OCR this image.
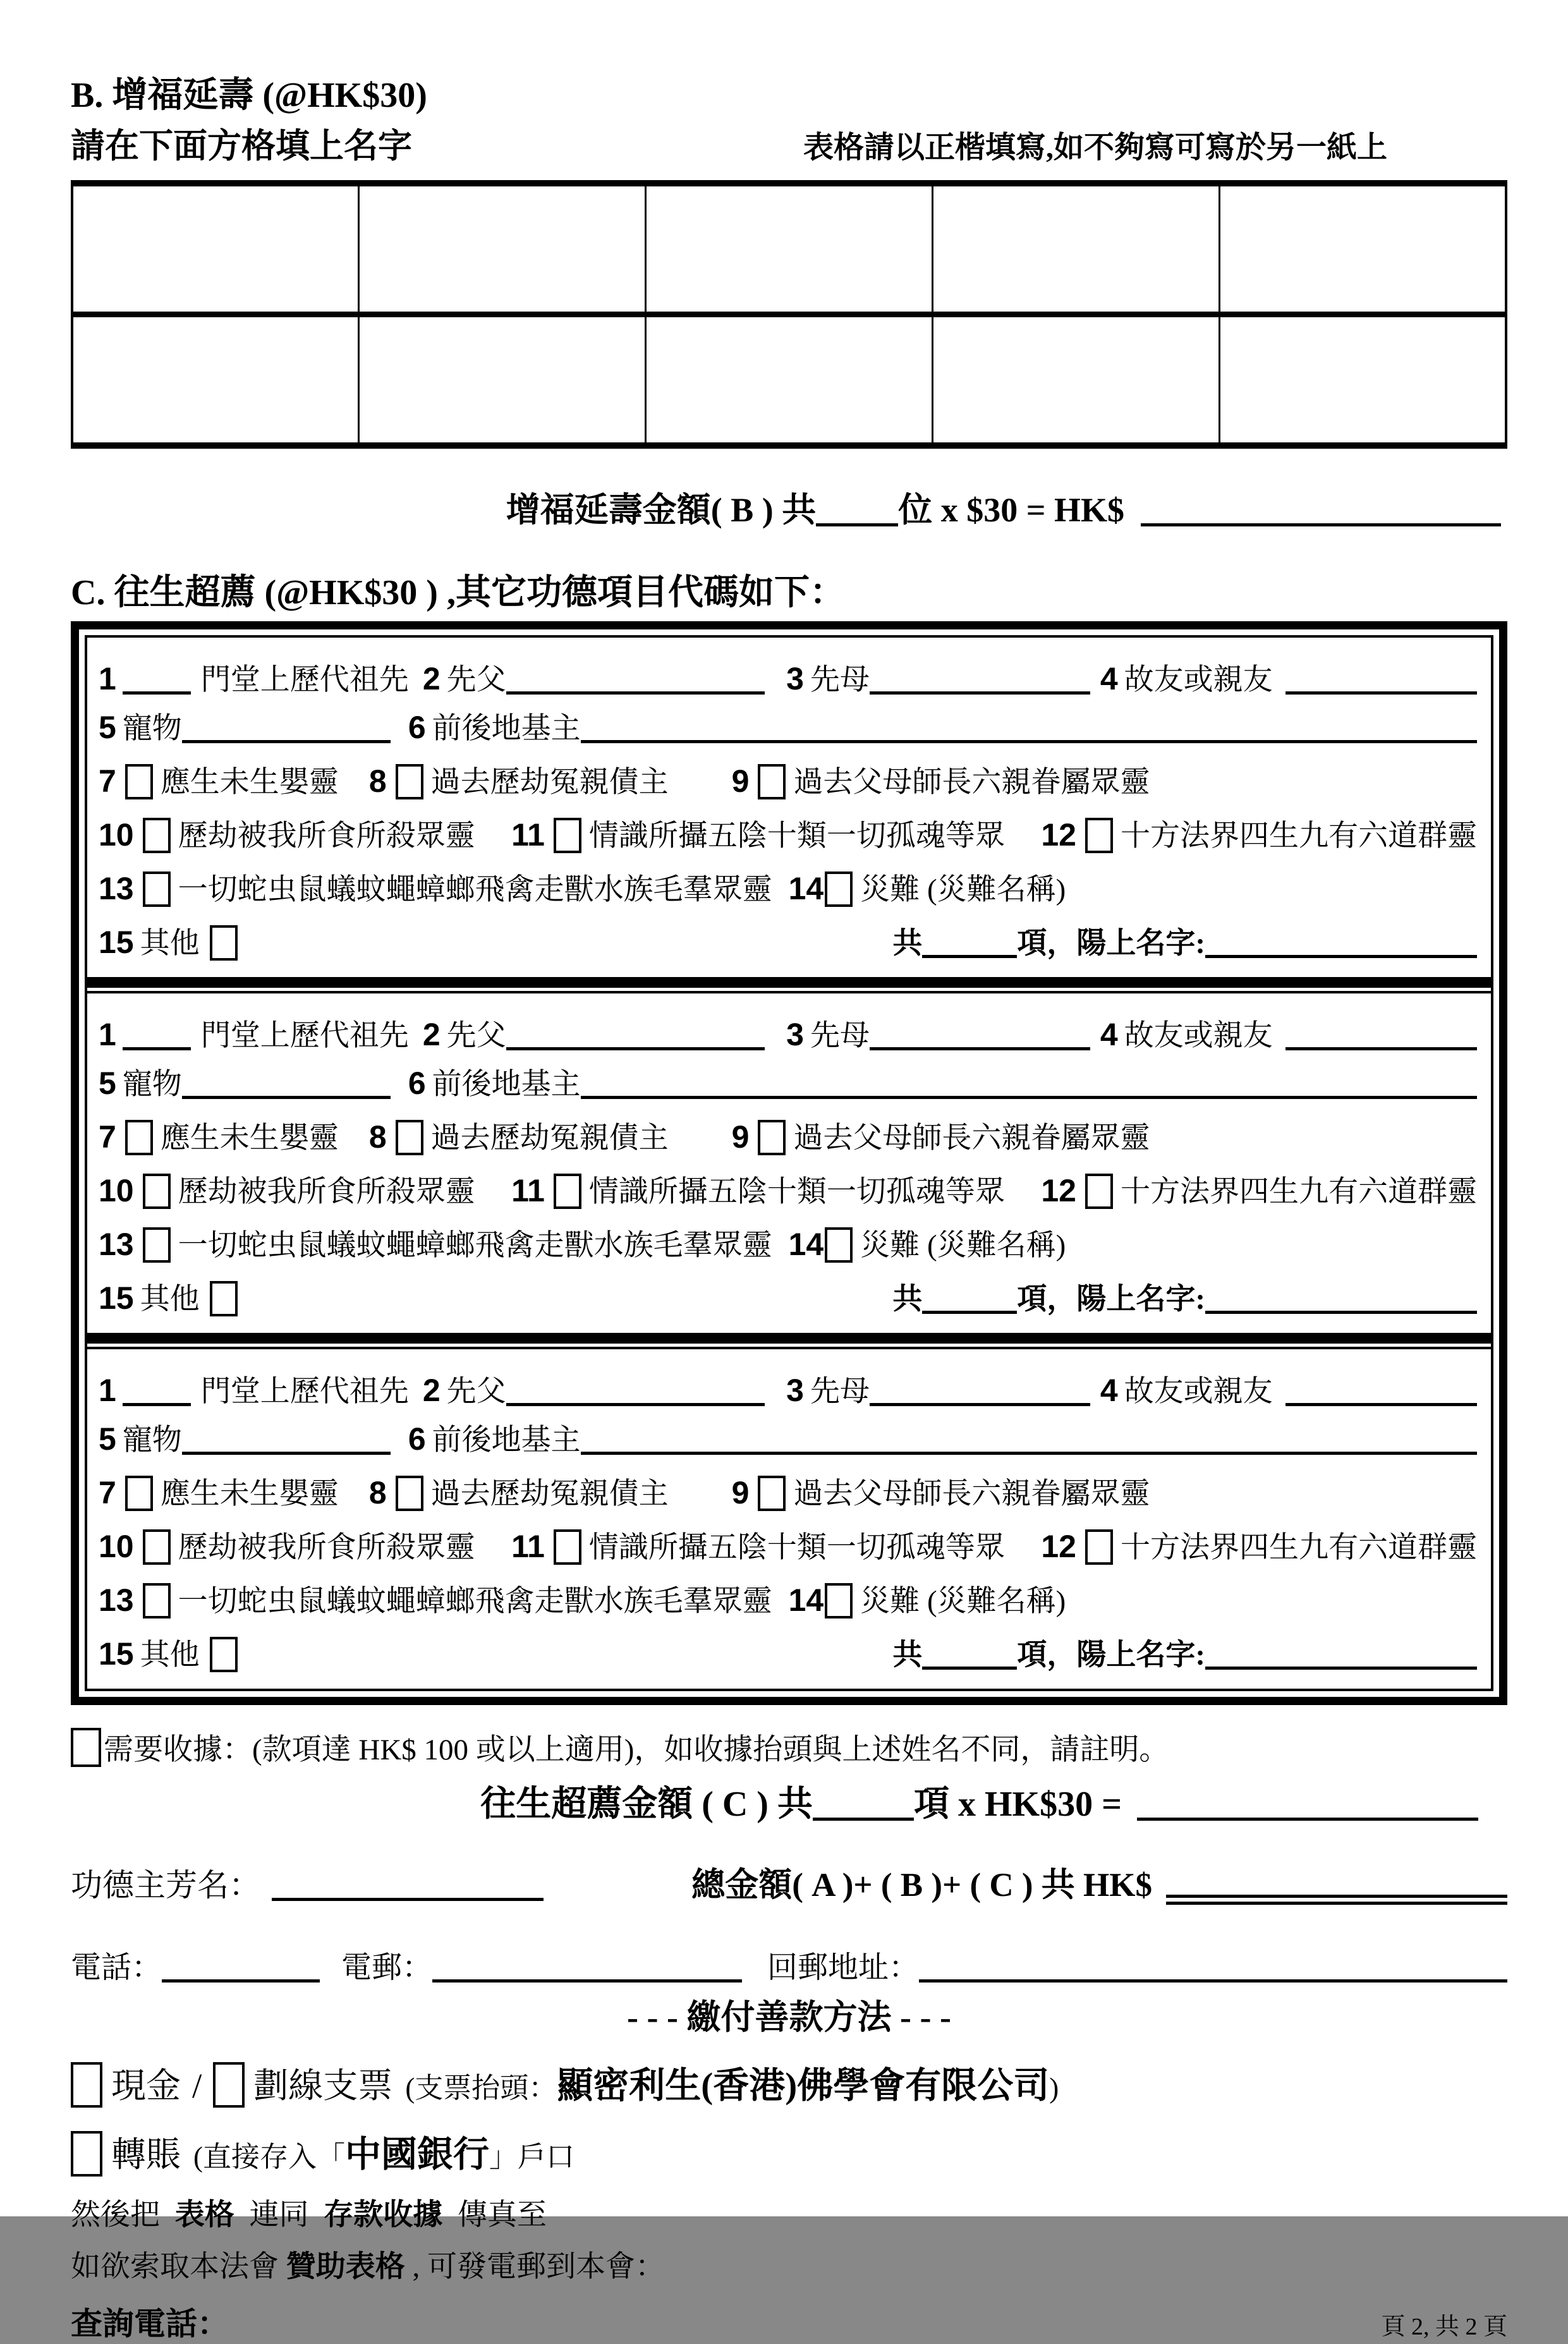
B. 增福延壽 (@HK$30)
請在下面方格填上名字	表格請以正楷填寫,如不夠寫可寫於另一紙上

增福延壽金額( B ) 共 位 x $30 = HK$
C. 往生超薦 (@HK$30 ) ,其它功德項目代碼如下：
1	門堂上歷代祖先 2 先父	3 先母	4 故友或親友
5 寵物	6 前後地基主
7 應生未生嬰靈 8 過去歷劫冤親債主 9 過去父母師長六親眷屬眾靈
10 歷劫被我所食所殺眾靈 11 情識所攝五陰十類一切孤魂等眾 12 十方法界四生九有六道群靈
13 一切蛇虫鼠蟻蚊蠅蟑螂飛禽走獸水族毛羣眾靈 14 災難 (災難名稱)
15 其他	共	項，陽上名字:
1	門堂上歷代祖先 2 先父	3 先母	4 故友或親友
5 寵物	6 前後地基主
7 應生未生嬰靈 8 過去歷劫冤親債主 9 過去父母師長六親眷屬眾靈
10 歷劫被我所食所殺眾靈 11 情識所攝五陰十類一切孤魂等眾 12 十方法界四生九有六道群靈
13 一切蛇虫鼠蟻蚊蠅蟑螂飛禽走獸水族毛羣眾靈 14 災難 (災難名稱)
15 其他	共	項，陽上名字:
1	門堂上歷代祖先 2 先父	3 先母	4 故友或親友
5 寵物	6 前後地基主
7 應生未生嬰靈 8 過去歷劫冤親債主 9 過去父母師長六親眷屬眾靈
10 歷劫被我所食所殺眾靈 11 情識所攝五陰十類一切孤魂等眾 12 十方法界四生九有六道群靈
13 一切蛇虫鼠蟻蚊蠅蟑螂飛禽走獸水族毛羣眾靈 14 災難 (災難名稱)
15 其他	共	項，陽上名字:
需要收據： (款項達 HK$ 100 或以上適用)，如收據抬頭與上述姓名不同，請註明。
往生超薦金額 ( C ) 共	項 x HK$30 =
功德主芳名：	總金額( A )+ ( B )+ ( C ) 共 HK$
電話：	電郵：	回郵地址：
- - - 繳付善款方法 - - -
現金 / 劃線支票 (支票抬頭： 顯密利生(香港)佛學會有限公司 )
轉賬 (直接存入「 中國銀行 」戶口
然後把 表格 連同 存款收據 傳真至
如欲索取本法會 贊助表格 , 可發電郵到本會：
查詢電話：	頁 2, 共 2 頁
